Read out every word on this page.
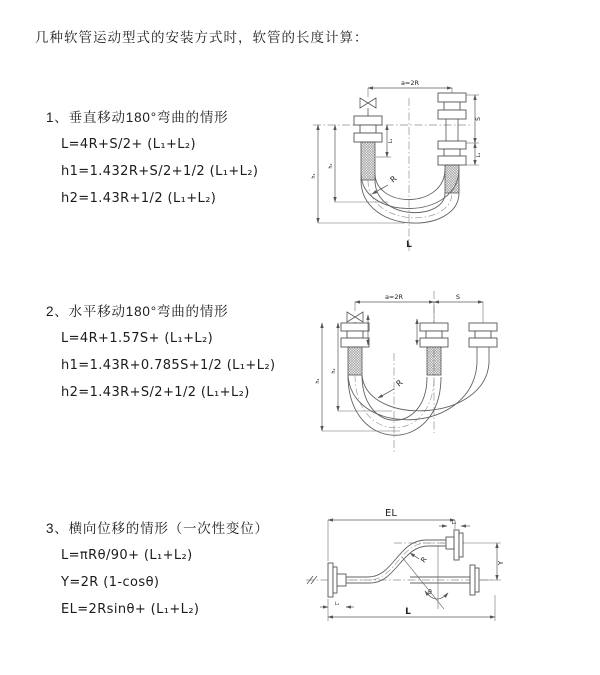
几种软管运动型式的安装方式时，软管的长度计算：
1、垂直移动180°弯曲的情形
L=4R+S/2+ (L₁+L₂)
h1=1.432R+S/2+1/2 (L₁+L₂)
h2=1.43R+1/2 (L₁+L₂)
a=2R
S
L₁
L₁
h₁
h₂
R
L
2、水平移动180°弯曲的情形
L=4R+1.57S+ (L₁+L₂)
h1=1.43R+0.785S+1/2 (L₁+L₂)
h2=1.43R+S/2+1/2 (L₁+L₂)
a=2R	S
h₁
h₂
R
3、横向位移的情形（一次性变位）
L=πRθ/90+ (L₁+L₂)
Y=2R (1-cosθ)
EL=2Rsinθ+ (L₁+L₂)
EL
L₁
θ
R	Y
L₁
L
